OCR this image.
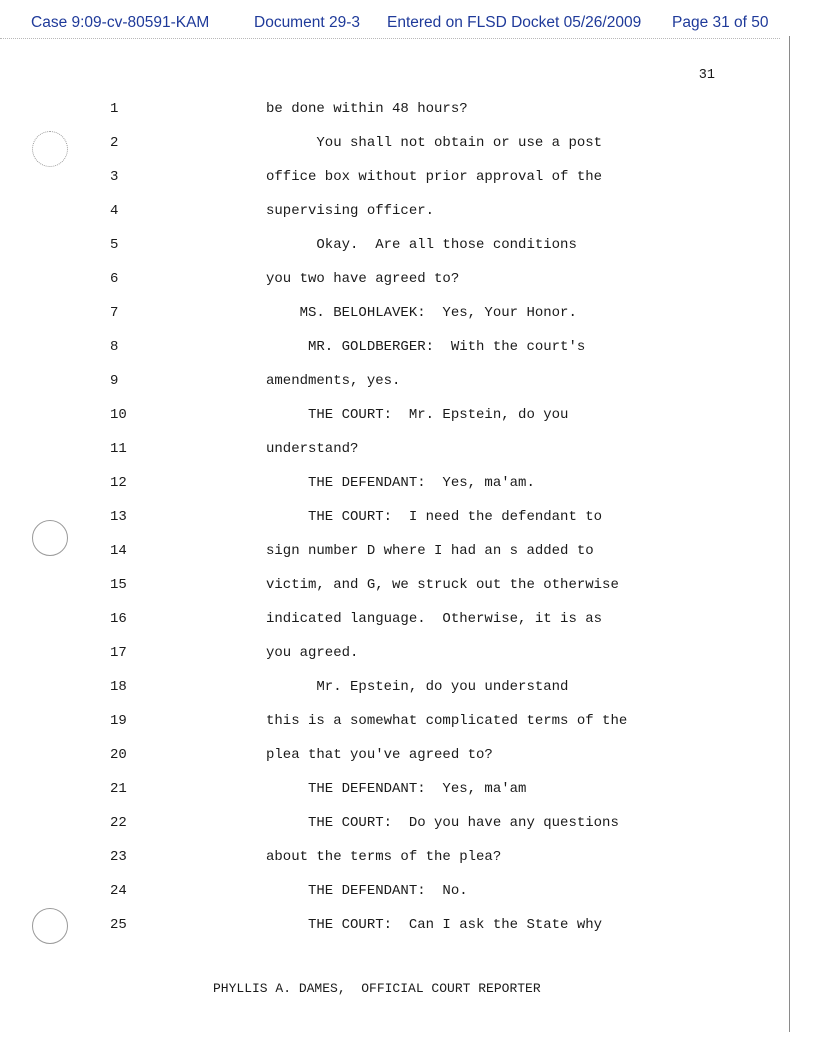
Case 9:09-cv-80591-KAM	Document 29-3 Entered on FLSD Docket 05/26/2009 Page 31 of 50
31
1	be done within 48 hours?
2	You shall not obtain or use a post
3	office box without prior approval of the
4	supervising officer.
5	Okay.  Are all those conditions
6	you two have agreed to?
7	MS. BELOHLAVEK:  Yes, Your Honor.
8	MR. GOLDBERGER:  With the court's
9	amendments, yes.
10	THE COURT:  Mr. Epstein, do you
11	understand?
12	THE DEFENDANT:  Yes, ma'am.
13	THE COURT:  I need the defendant to
14	sign number D where I had an s added to
15	victim, and G, we struck out the otherwise
16	indicated language.  Otherwise, it is as
17	you agreed.
18	Mr. Epstein, do you understand
19	this is a somewhat complicated terms of the
20	plea that you've agreed to?
21	THE DEFENDANT:  Yes, ma'am
22	THE COURT:  Do you have any questions
23	about the terms of the plea?
24	THE DEFENDANT:  No.
25	THE COURT:  Can I ask the State why
PHYLLIS A. DAMES,  OFFICIAL COURT REPORTER
